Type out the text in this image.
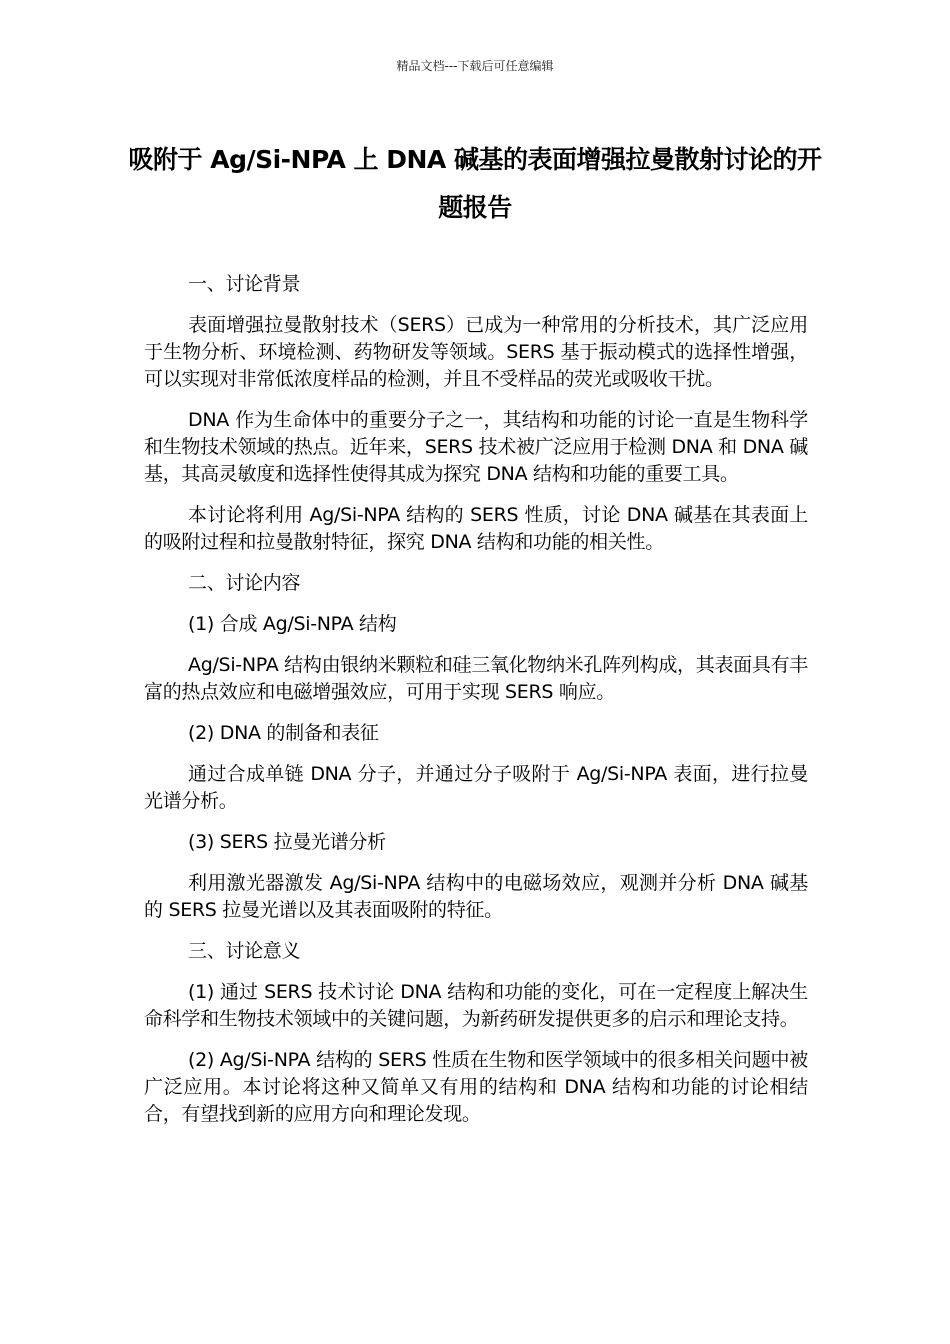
精品文档---下载后可任意编辑
吸附于 Ag/Si-NPA 上 DNA 碱基的表面增强拉曼散射讨论的开题报告

一、讨论背景

表面增强拉曼散射技术（SERS）已成为一种常用的分析技术，其广泛应用于生物分析、环境检测、药物研发等领域。SERS 基于振动模式的选择性增强，可以实现对非常低浓度样品的检测，并且不受样品的荧光或吸收干扰。

DNA 作为生命体中的重要分子之一，其结构和功能的讨论一直是生物科学和生物技术领域的热点。近年来，SERS 技术被广泛应用于检测 DNA 和 DNA 碱基，其高灵敏度和选择性使得其成为探究 DNA 结构和功能的重要工具。

本讨论将利用 Ag/Si-NPA 结构的 SERS 性质，讨论 DNA 碱基在其表面上的吸附过程和拉曼散射特征，探究 DNA 结构和功能的相关性。

二、讨论内容

(1) 合成 Ag/Si-NPA 结构

Ag/Si-NPA 结构由银纳米颗粒和硅三氧化物纳米孔阵列构成，其表面具有丰富的热点效应和电磁增强效应，可用于实现 SERS 响应。

(2) DNA 的制备和表征

通过合成单链 DNA 分子，并通过分子吸附于 Ag/Si-NPA 表面，进行拉曼光谱分析。

(3) SERS 拉曼光谱分析

利用激光器激发 Ag/Si-NPA 结构中的电磁场效应，观测并分析 DNA 碱基的 SERS 拉曼光谱以及其表面吸附的特征。

三、讨论意义

(1) 通过 SERS 技术讨论 DNA 结构和功能的变化，可在一定程度上解决生命科学和生物技术领域中的关键问题，为新药研发提供更多的启示和理论支持。

(2) Ag/Si-NPA 结构的 SERS 性质在生物和医学领域中的很多相关问题中被广泛应用。本讨论将这种又简单又有用的结构和 DNA 结构和功能的讨论相结合，有望找到新的应用方向和理论发现。
